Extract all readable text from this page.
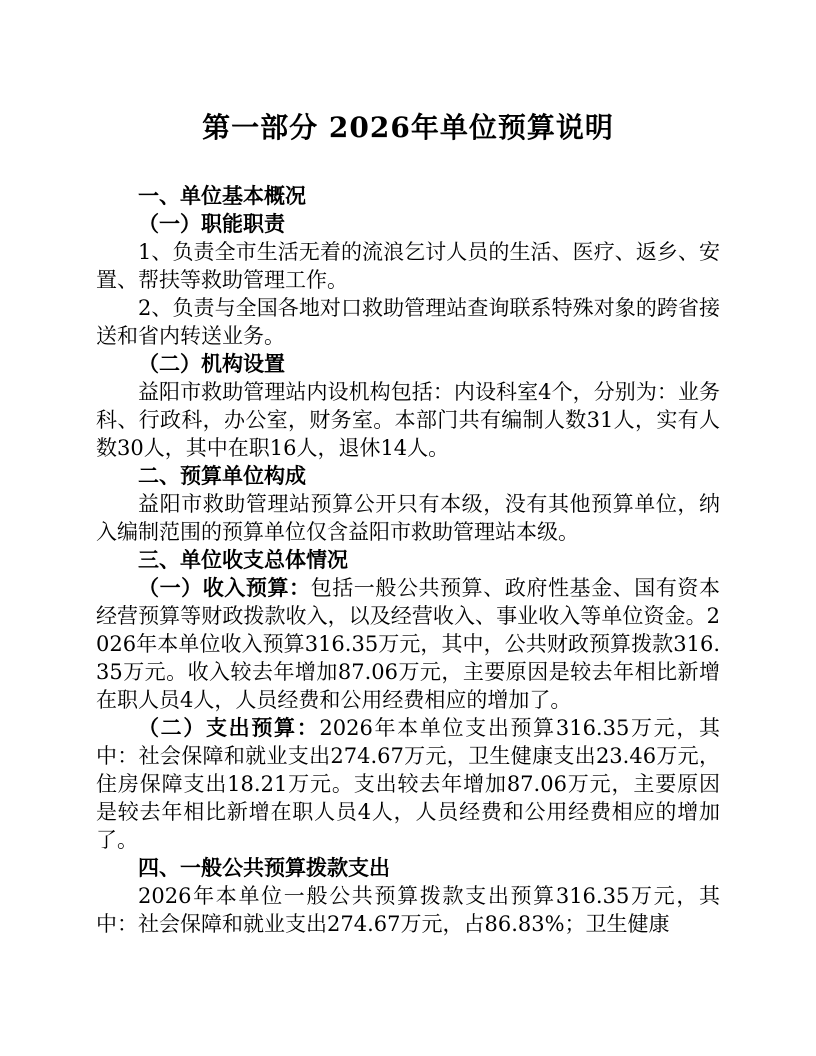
第一部分 2026年单位预算说明

一、单位基本概况

（一）职能职责

1、负责全市生活无着的流浪乞讨人员的生活、医疗、返乡、安置、帮扶等救助管理工作。

2、负责与全国各地对口救助管理站查询联系特殊对象的跨省接送和省内转送业务。

（二）机构设置

益阳市救助管理站内设机构包括：内设科室4个，分别为：业务科、行政科，办公室，财务室。本部门共有编制人数31人，实有人数30人，其中在职16人，退休14人。

二、预算单位构成

益阳市救助管理站预算公开只有本级，没有其他预算单位，纳入编制范围的预算单位仅含益阳市救助管理站本级。

三、单位收支总体情况

（一）收入预算：包括一般公共预算、政府性基金、国有资本经营预算等财政拨款收入，以及经营收入、事业收入等单位资金。2026年本单位收入预算316.35万元，其中，公共财政预算拨款316.35万元。收入较去年增加87.06万元，主要原因是较去年相比新增在职人员4人，人员经费和公用经费相应的增加了。

（二）支出预算：2026年本单位支出预算316.35万元，其中：社会保障和就业支出274.67万元，卫生健康支出23.46万元，住房保障支出18.21万元。支出较去年增加87.06万元，主要原因是较去年相比新增在职人员4人，人员经费和公用经费相应的增加了。

四、一般公共预算拨款支出

2026年本单位一般公共预算拨款支出预算316.35万元，其中：社会保障和就业支出274.67万元，占86.83%；卫生健康
